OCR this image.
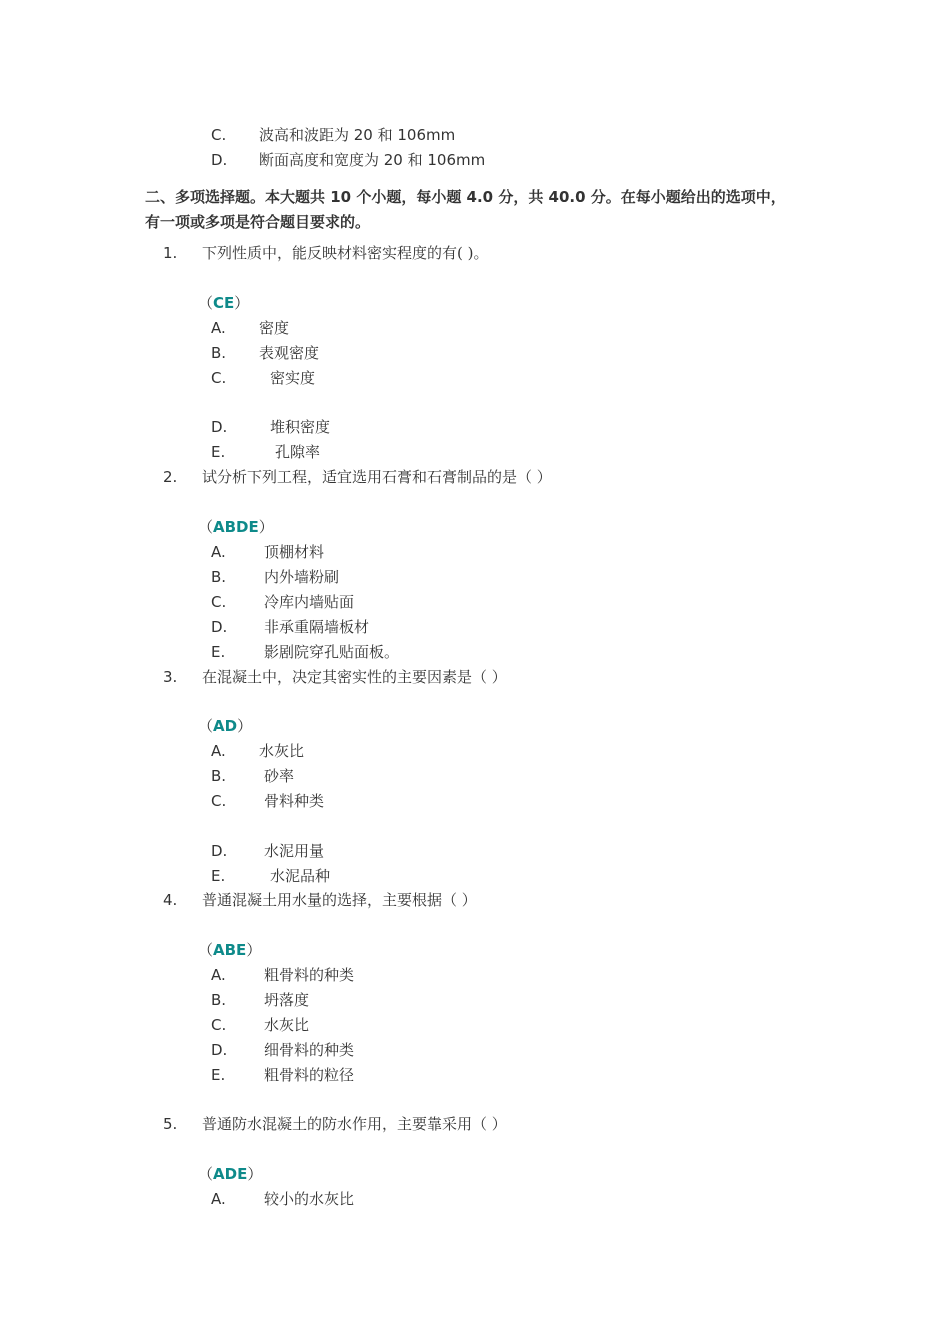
C. 波高和波距为 20 和 106mm
D. 断面高度和宽度为 20 和 106mm
二、多项选择题。本大题共 10 个小题，每小题 4.0 分，共 40.0 分。在每小题给出的选项中，
有一项或多项是符合题目要求的。
1. 下列性质中，能反映材料密实程度的有( )。
（CE）
A. 密度
B. 表观密度
C.	密实度
D.	堆积密度
E.	孔隙率
2. 试分析下列工程，适宜选用石膏和石膏制品的是（ ）
（ABDE）
A.	顶棚材料
B.	内外墙粉刷
C.	冷库内墙贴面
D. 非承重隔墙板材
E.	影剧院穿孔贴面板。
3. 在混凝土中，决定其密实性的主要因素是（ ）
（AD）
A. 水灰比
B.	砂率
C.	骨料种类
D. 水泥用量
E.	水泥品种
4. 普通混凝土用水量的选择，主要根据（ ）
（ABE）
A.	粗骨料的种类
B.	坍落度
C.	水灰比
D. 细骨料的种类
E.	粗骨料的粒径
5. 普通防水混凝土的防水作用，主要靠采用（ ）
（ADE）
A.	较小的水灰比
